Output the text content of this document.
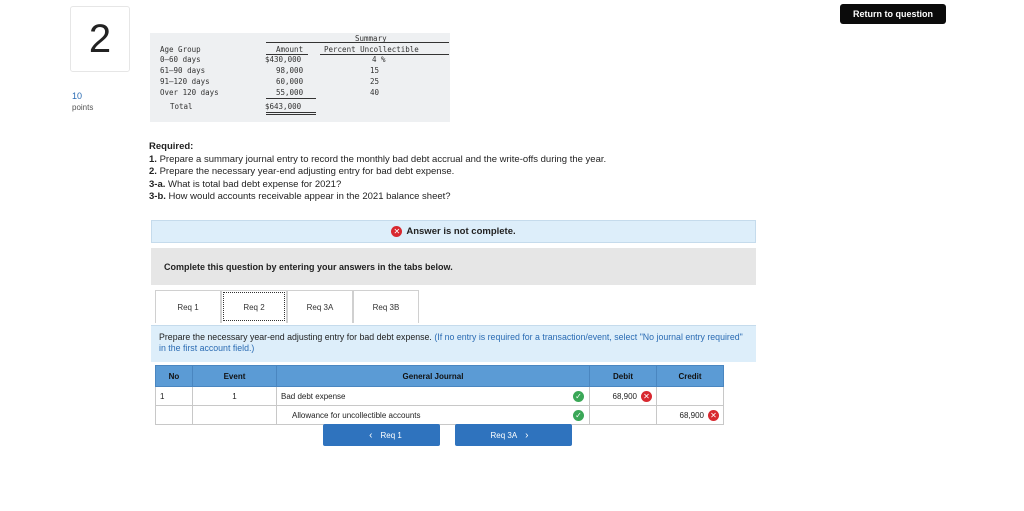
2
10
points
Return to question
Summary
Age Group	Amount	Percent Uncollectible
0–60 days	$430,000	4 %
61–90 days	98,000	15
91–120 days	60,000	25
Over 120 days	55,000	40
Total	$643,000
Required:
1. Prepare a summary journal entry to record the monthly bad debt accrual and the write-offs during the year.
2. Prepare the necessary year-end adjusting entry for bad debt expense.
3-a. What is total bad debt expense for 2021?
3-b. How would accounts receivable appear in the 2021 balance sheet?
✕ Answer is not complete.
Complete this question by entering your answers in the tabs below.
Req 1	Req 2	Req 3A	Req 3B
Prepare the necessary year-end adjusting entry for bad debt expense. (If no entry is required for a transaction/event, select "No journal entry required" in the first account field.)
No	Event	General Journal	Debit	Credit
1	1	Bad debt expense ✓	68,900 ✕	

		Allowance for uncollectible accounts ✓		68,900 ✕
‹ Req 1	Req 3A ›
